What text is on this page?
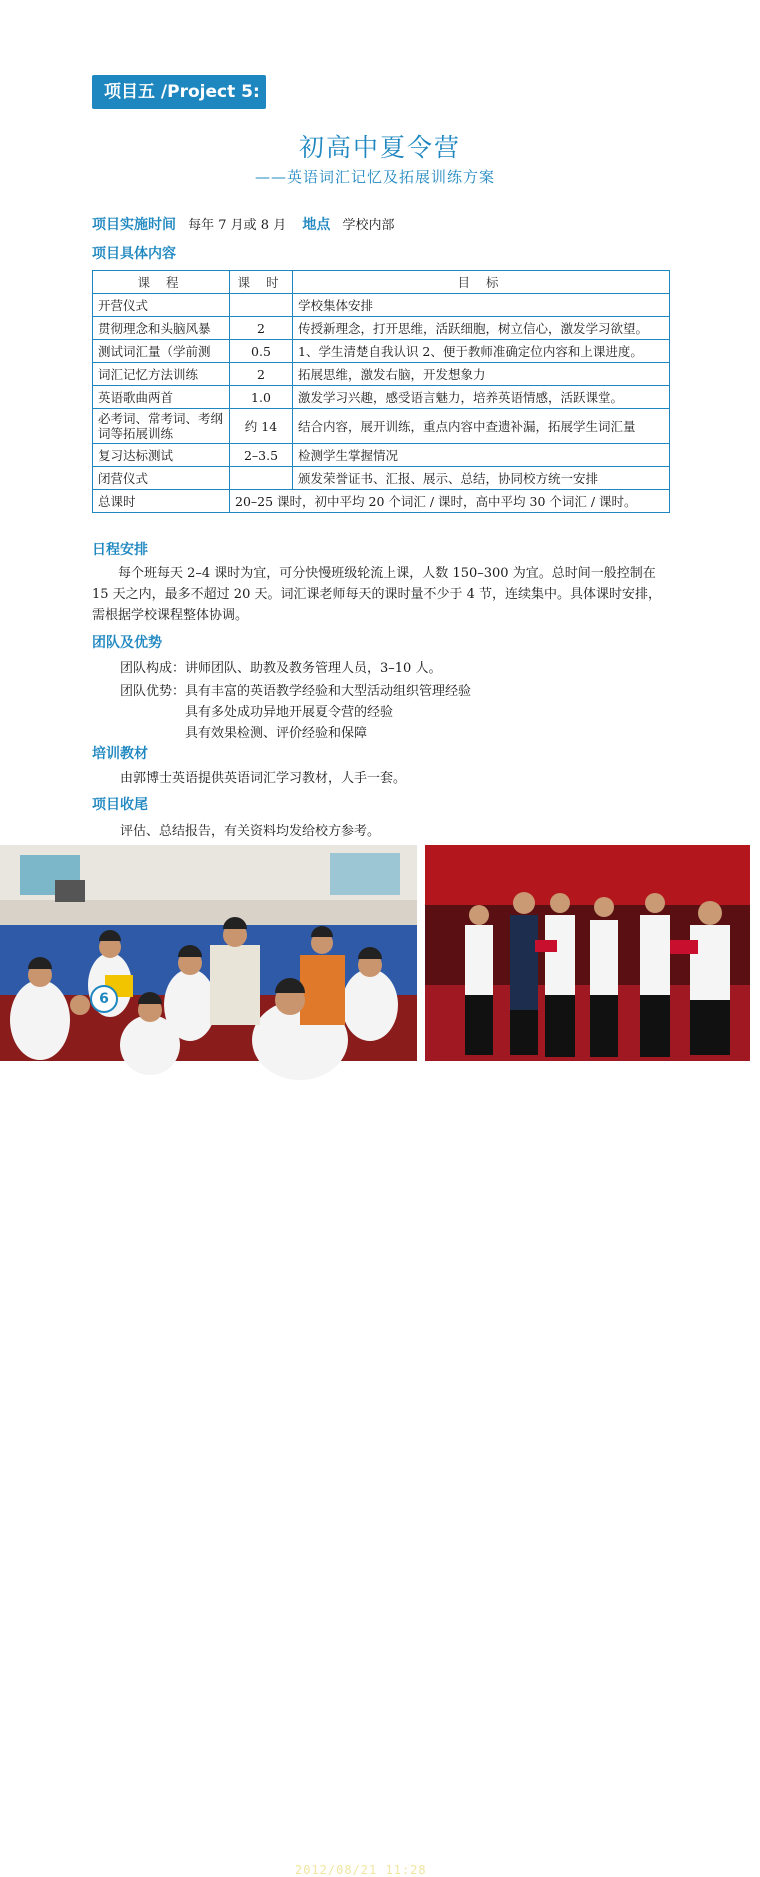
项目五 /Project 5:
初高中夏令营
——英语词汇记忆及拓展训练方案
项目实施时间 每年 7 月或 8 月 地点 学校内部
项目具体内容
课 程	课 时	目 标
开营仪式		学校集体安排
贯彻理念和头脑风暴	2	传授新理念，打开思维，活跃细胞，树立信心，激发学习欲望。
测试词汇量（学前测	0.5	1、学生清楚自我认识 2、便于教师准确定位内容和上课进度。
词汇记忆方法训练	2	拓展思维，激发右脑，开发想象力
英语歌曲两首	1.0	激发学习兴趣，感受语言魅力，培养英语情感，活跃课堂。
必考词、常考词、考纲词等拓展训练	约 14	结合内容，展开训练，重点内容中查遗补漏，拓展学生词汇量
复习达标测试	2–3.5	检测学生掌握情况
闭营仪式		颁发荣誉证书、汇报、展示、总结，协同校方统一安排
总课时	20–25 课时，初中平均 20 个词汇 / 课时，高中平均 30 个词汇 / 课时。	
日程安排
每个班每天 2–4 课时为宜，可分快慢班级轮流上课，人数 150–300 为宜。总时间一般控制在 15 天之内，最多不超过 20 天。词汇课老师每天的课时量不少于 4 节，连续集中。具体课时安排，需根据学校课程整体协调。
团队及优势
团队构成：讲师团队、助教及教务管理人员，3–10 人。
团队优势：具有丰富的英语教学经验和大型活动组织管理经验
具有多处成功异地开展夏令营的经验
具有效果检测、评价经验和保障
培训教材
由郭博士英语提供英语词汇学习教材，人手一套。
项目收尾
评估、总结报告，有关资料均发给校方参考。
2012/08/21 11:28
6
